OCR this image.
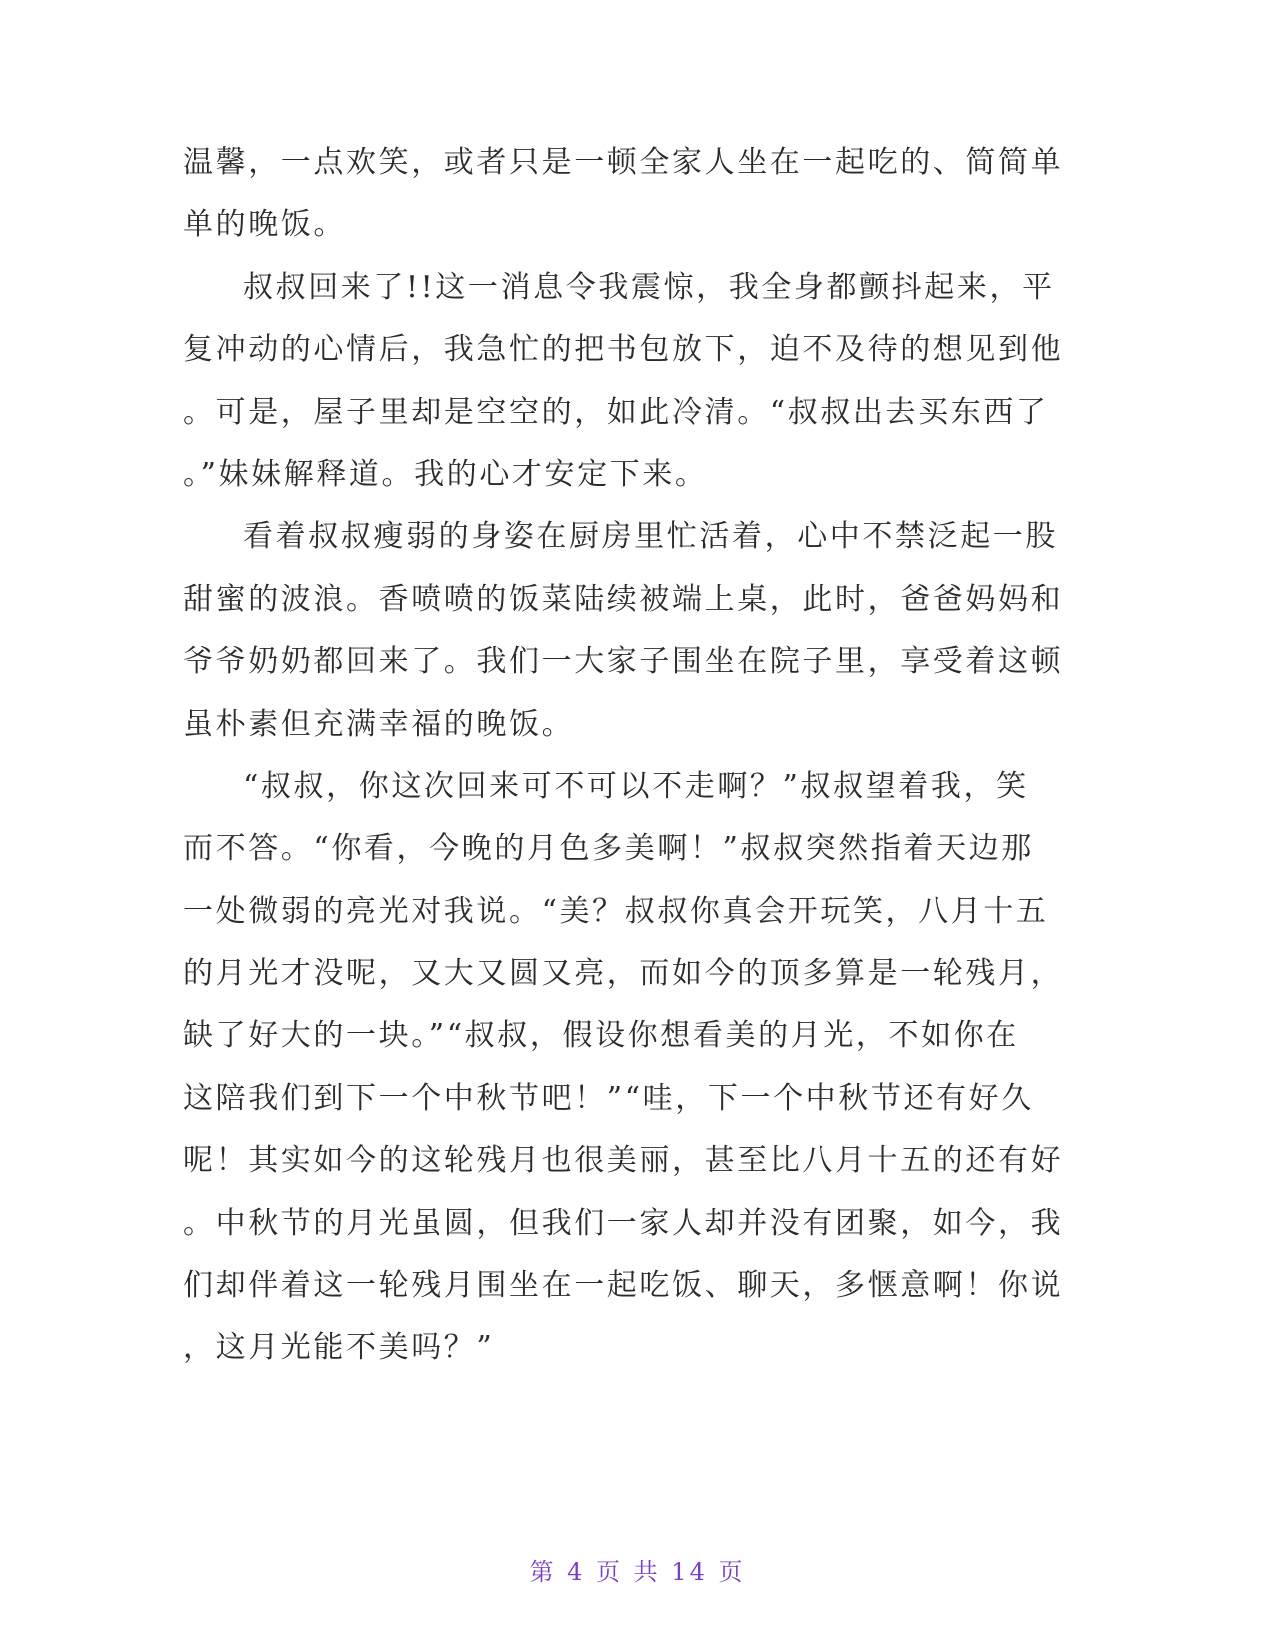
温馨，一点欢笑，或者只是一顿全家人坐在一起吃的、简简单
单的晚饭。
叔叔回来了!!这一消息令我震惊，我全身都颤抖起来，平
复冲动的心情后，我急忙的把书包放下，迫不及待的想见到他
。可是，屋子里却是空空的，如此冷清。“叔叔出去买东西了
。”妹妹解释道。我的心才安定下来。
看着叔叔瘦弱的身姿在厨房里忙活着，心中不禁泛起一股
甜蜜的波浪。香喷喷的饭菜陆续被端上桌，此时，爸爸妈妈和
爷爷奶奶都回来了。我们一大家子围坐在院子里，享受着这顿
虽朴素但充满幸福的晚饭。
“叔叔，你这次回来可不可以不走啊？”叔叔望着我，笑
而不答。“你看，今晚的月色多美啊！”叔叔突然指着天边那
一处微弱的亮光对我说。“美？叔叔你真会开玩笑，八月十五
的月光才没呢，又大又圆又亮，而如今的顶多算是一轮残月，
缺了好大的一块。”“叔叔，假设你想看美的月光，不如你在
这陪我们到下一个中秋节吧！”“哇，下一个中秋节还有好久
呢！其实如今的这轮残月也很美丽，甚至比八月十五的还有好
。中秋节的月光虽圆，但我们一家人却并没有团聚，如今，我
们却伴着这一轮残月围坐在一起吃饭、聊天，多惬意啊！你说
，这月光能不美吗？”
第 4 页 共 14 页
